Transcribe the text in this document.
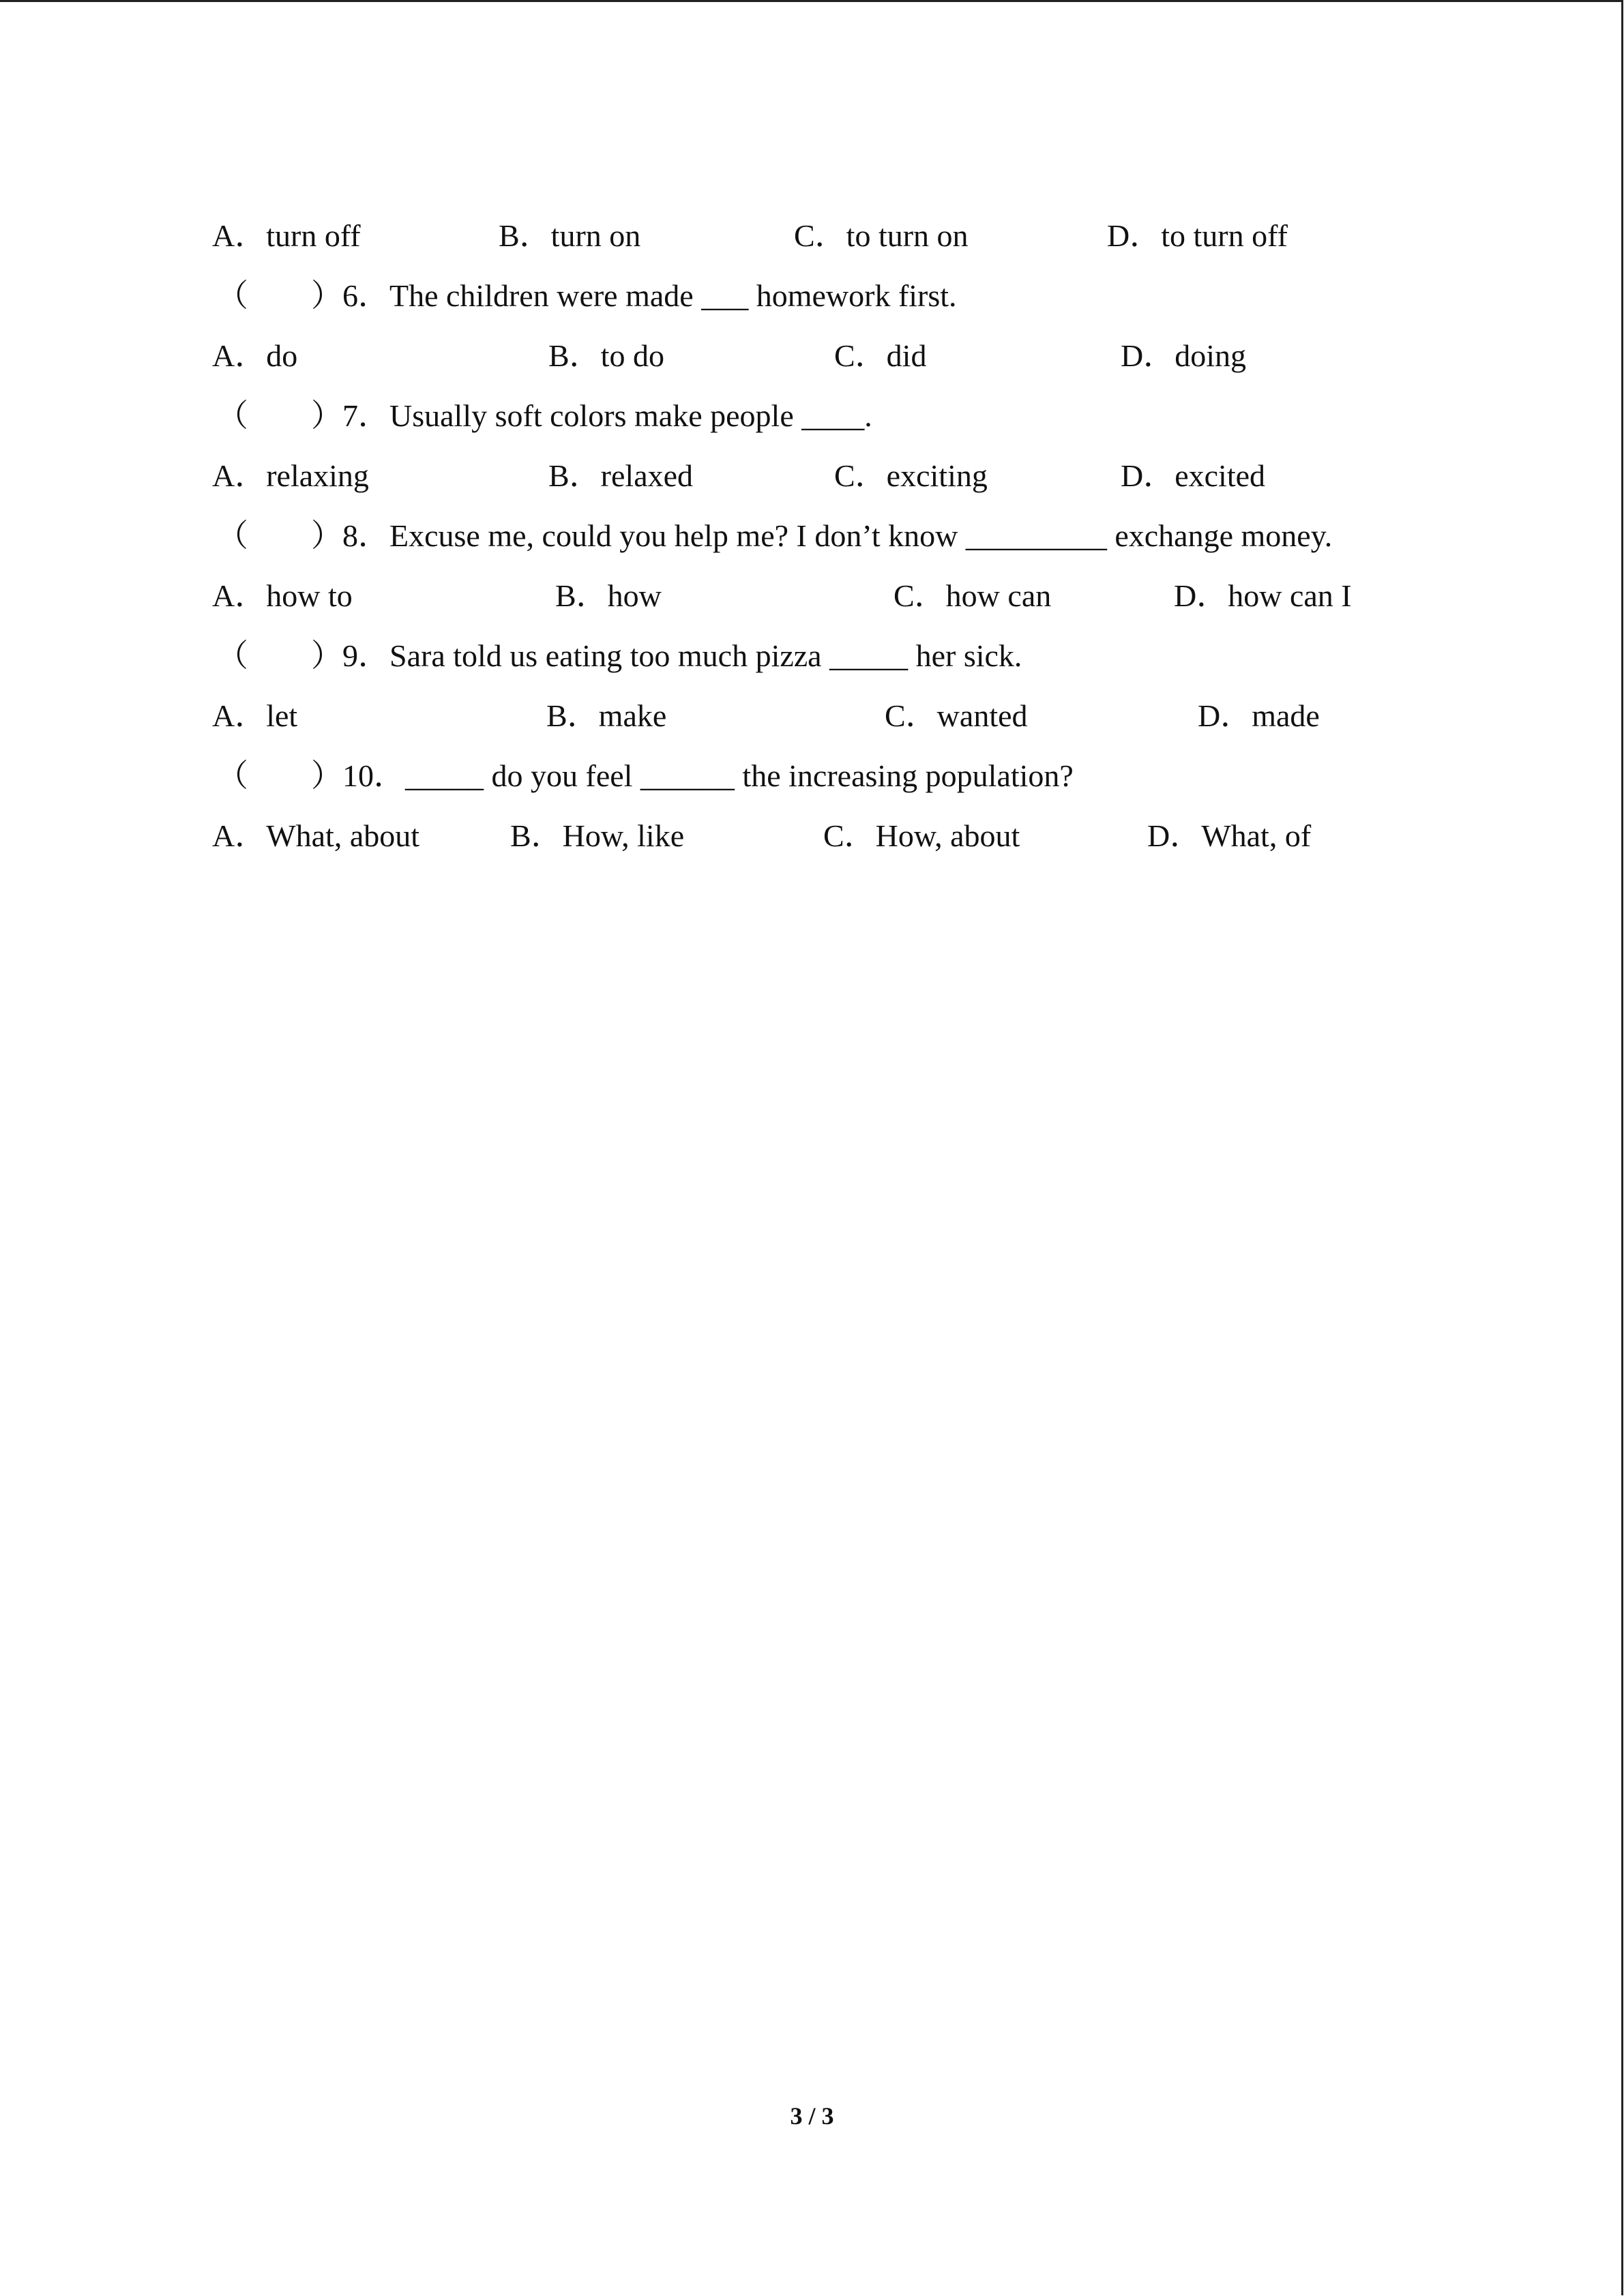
A．turn off	B．turn on	C．to turn on	D．to turn off
（　　） 6．The children were made ___ homework first.
A．do	B．to do	C．did	D．doing
（　　） 7．Usually soft colors make people ____.
A．relaxing	B．relaxed	C．exciting	D．excited
（　　） 8．Excuse me, could you help me? I don’t know _________ exchange money.
A．how to	B．how	C．how can	D．how can I
（　　） 9．Sara told us eating too much pizza _____ her sick.
A．let	B．make	C．wanted	D．made
（　　） 10．_____ do you feel ______ the increasing population?
A．What, about	B．How, like	C．How, about	D．What, of
3 / 3
